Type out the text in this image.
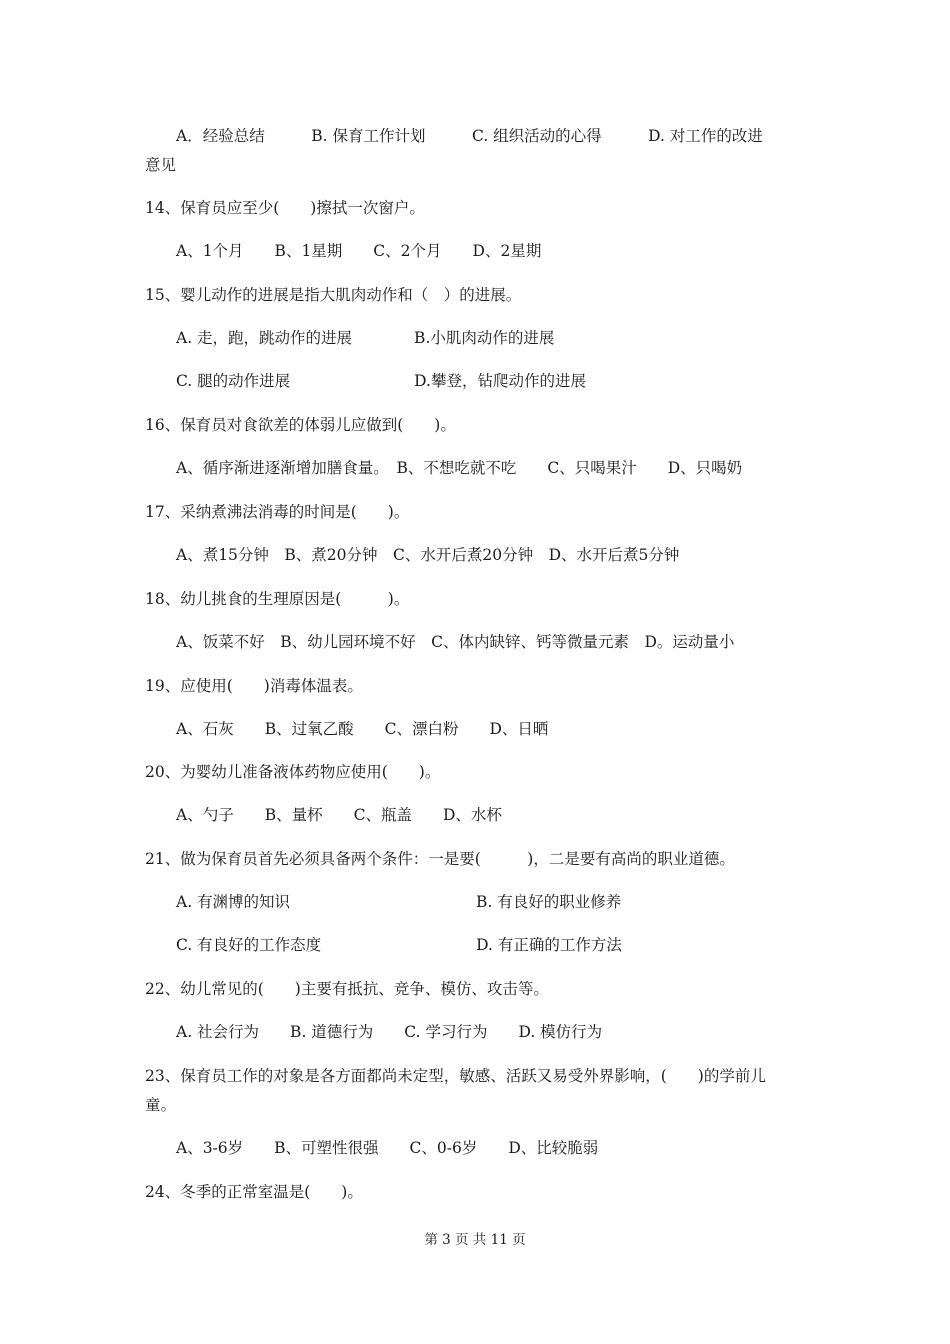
A．经验总结　　　B. 保育工作计划　　　C. 组织活动的心得　　　D. 对工作的改进
意见
14、保育员应至少(　　)擦拭一次窗户。
A、1个月　　B、1星期　　C、2个月　　D、2星期
15、婴儿动作的进展是指大肌肉动作和（　）的进展。
A. 走，跑，跳动作的进展　　　　B.小肌肉动作的进展
C. 腿的动作进展　　　　　　　　D.攀登，钻爬动作的进展
16、保育员对食欲差的体弱儿应做到(　　)。
A、循序渐进逐渐增加膳食量。　B、不想吃就不吃　　C、只喝果汁　　D、只喝奶
17、采纳煮沸法消毒的时间是(　　)。
A、煮15分钟　B、煮20分钟　C、水开后煮20分钟　D、水开后煮5分钟
18、幼儿挑食的生理原因是(　　　)。
A、饭菜不好　B、幼儿园环境不好　C、体内缺锌、钙等微量元素　D。运动量小
19、应使用(　　)消毒体温表。
A、石灰　　B、过氧乙酸　　C、漂白粉　　D、日晒
20、为婴幼儿准备液体药物应使用(　　)。
A、勺子　　B、量杯　　C、瓶盖　　D、水杯
21、做为保育员首先必须具备两个条件：一是要(　　　)，二是要有高尚的职业道德。
A. 有渊博的知识　　　　　　　　　　　　B. 有良好的职业修养
C. 有良好的工作态度　　　　　　　　　　D. 有正确的工作方法
22、幼儿常见的(　　)主要有抵抗、竞争、模仿、攻击等。
A. 社会行为　　B. 道德行为　　C. 学习行为　　D. 模仿行为
23、保育员工作的对象是各方面都尚未定型，敏感、活跃又易受外界影响，(　　)的学前儿
童。
A、3-6岁　　B、可塑性很强　　C、0-6岁　　D、比较脆弱
24、冬季的正常室温是(　　)。
第 3 页 共 11 页
